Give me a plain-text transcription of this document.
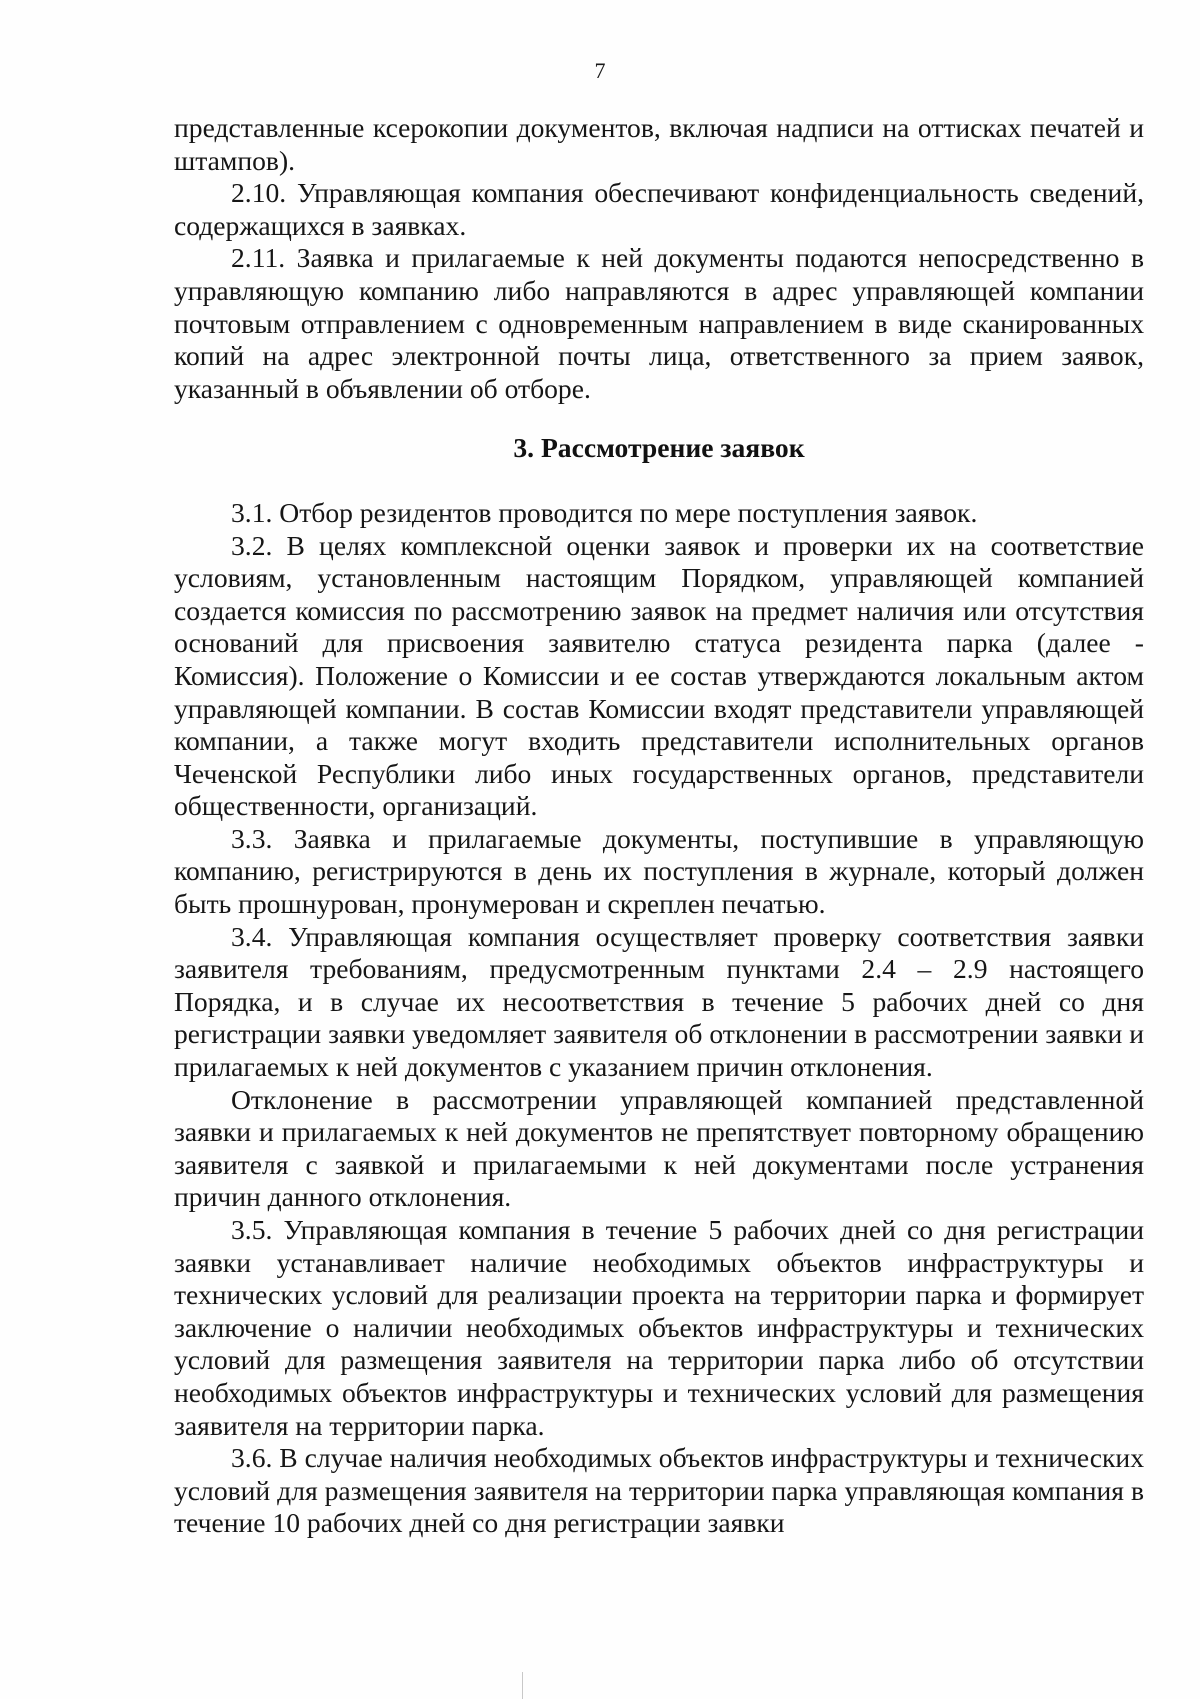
7

представленные ксерокопии документов, включая надписи на оттисках печатей и штампов).

2.10. Управляющая компания обеспечивают конфиденциальность сведений, содержащихся в заявках.

2.11. Заявка и прилагаемые к ней документы подаются непосредственно в управляющую компанию либо направляются в адрес управляющей компании почтовым отправлением с одновременным направлением в виде сканированных копий на адрес электронной почты лица, ответственного за прием заявок, указанный в объявлении об отборе.

3. Рассмотрение заявок

3.1. Отбор резидентов проводится по мере поступления заявок.

3.2. В целях комплексной оценки заявок и проверки их на соответствие условиям, установленным настоящим Порядком, управляющей компанией создается комиссия по рассмотрению заявок на предмет наличия или отсутствия оснований для присвоения заявителю статуса резидента парка (далее - Комиссия). Положение о Комиссии и ее состав утверждаются локальным актом управляющей компании. В состав Комиссии входят представители управляющей компании, а также могут входить представители исполнительных органов Чеченской Республики либо иных государственных органов, представители общественности, организаций.

3.3. Заявка и прилагаемые документы, поступившие в управляющую компанию, регистрируются в день их поступления в журнале, который должен быть прошнурован, пронумерован и скреплен печатью.

3.4. Управляющая компания осуществляет проверку соответствия заявки заявителя требованиям, предусмотренным пунктами 2.4 – 2.9 настоящего Порядка, и в случае их несоответствия в течение 5 рабочих дней со дня регистрации заявки уведомляет заявителя об отклонении в рассмотрении заявки и прилагаемых к ней документов с указанием причин отклонения.

Отклонение в рассмотрении управляющей компанией представленной заявки и прилагаемых к ней документов не препятствует повторному обращению заявителя с заявкой и прилагаемыми к ней документами после устранения причин данного отклонения.

3.5. Управляющая компания в течение 5 рабочих дней со дня регистрации заявки устанавливает наличие необходимых объектов инфраструктуры и технических условий для реализации проекта на территории парка и формирует заключение о наличии необходимых объектов инфраструктуры и технических условий для размещения заявителя на территории парка либо об отсутствии необходимых объектов инфраструктуры и технических условий для размещения заявителя на территории парка.

3.6. В случае наличия необходимых объектов инфраструктуры и технических условий для размещения заявителя на территории парка управляющая компания в течение 10 рабочих дней со дня регистрации заявки
